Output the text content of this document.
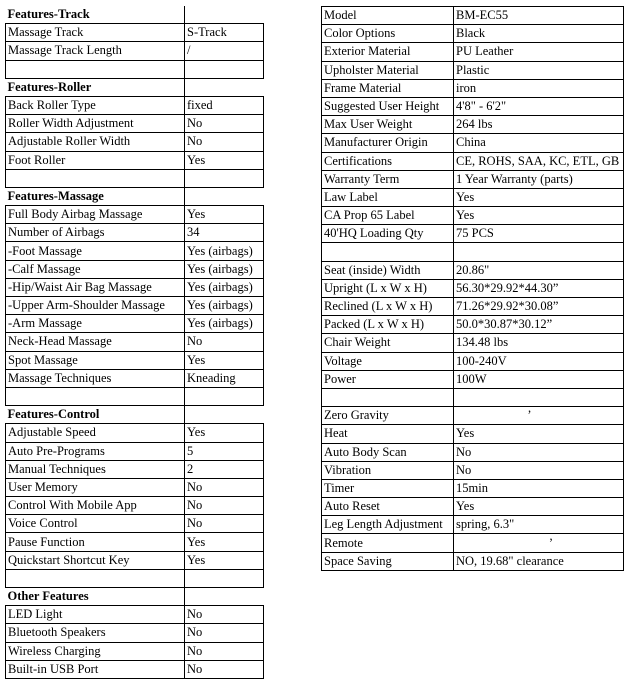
Features-Track	
Massage Track	S-Track
Massage Track Length	/

Features-Roller	
Back Roller Type	fixed
Roller Width Adjustment	No
Adjustable Roller Width	No
Foot Roller	Yes

Features-Massage	
Full Body Airbag Massage	Yes
Number of Airbags	34
-Foot Massage	Yes (airbags)
-Calf Massage	Yes (airbags)
-Hip/Waist Air Bag Massage	Yes (airbags)
-Upper Arm-Shoulder Massage	Yes (airbags)
-Arm Massage	Yes (airbags)
Neck-Head Massage	No
Spot Massage	Yes
Massage Techniques	Kneading

Features-Control	
Adjustable Speed	Yes
Auto Pre-Programs	5
Manual Techniques	2
User Memory	No
Control With Mobile App	No
Voice Control	No
Pause Function	Yes
Quickstart Shortcut Key	Yes

Other Features	
LED Light	No
Bluetooth Speakers	No
Wireless Charging	No
Built-in USB Port	No
Model	BM-EC55
Color Options	Black
Exterior Material	PU Leather
Upholster Material	Plastic
Frame Material	iron
Suggested User Height	4'8" - 6'2"
Max User Weight	264 lbs
Manufacturer Origin	China
Certifications	CE, ROHS, SAA, KC, ETL, GB
Warranty Term	1 Year Warranty (parts)
Law Label	Yes
CA Prop 65 Label	Yes
40'HQ Loading Qty	75 PCS

Seat (inside) Width	20.86"
Upright (L x W x H)	56.30*29.92*44.30”
Reclined (L x W x H)	71.26*29.92*30.08”
Packed (L x W x H)	50.0*30.87*30.12”
Chair Weight	134.48 lbs
Voltage	100-240V
Power	100W

Zero Gravity	’
Heat	Yes
Auto Body Scan	No
Vibration	No
Timer	15min
Auto Reset	Yes
Leg Length Adjustment	spring, 6.3"
Remote	’
Space Saving	NO, 19.68" clearance
